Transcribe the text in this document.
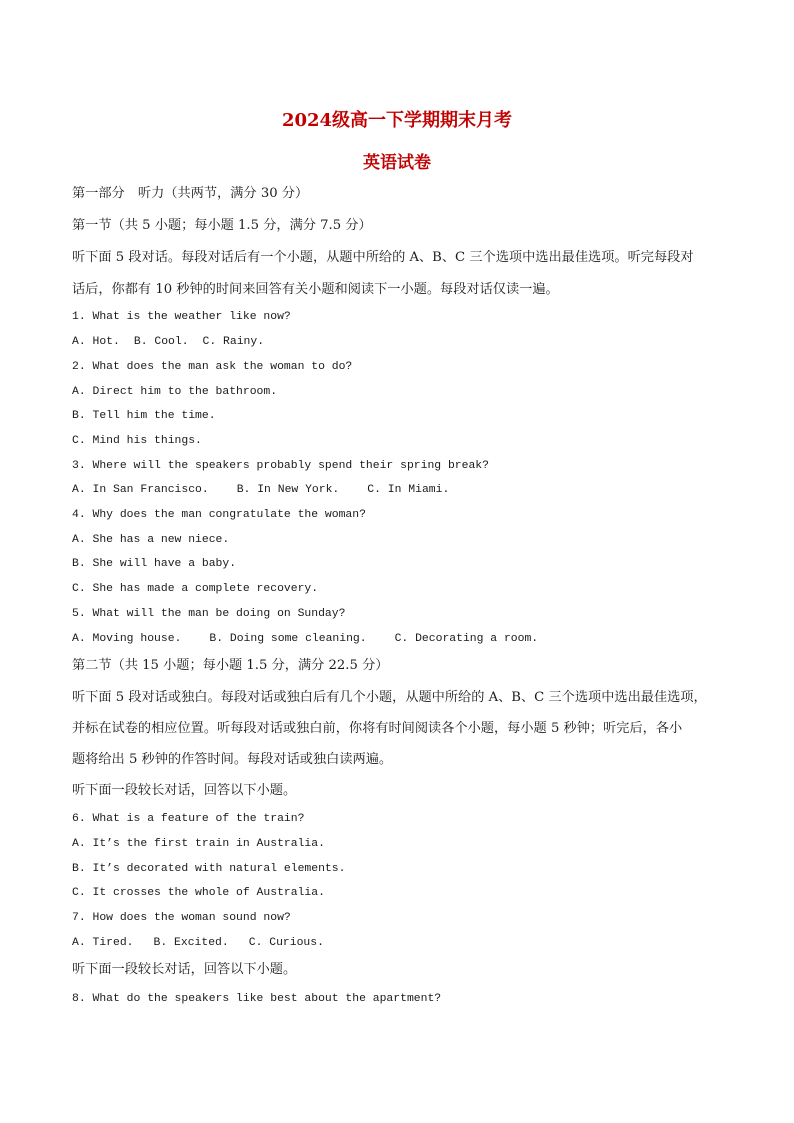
2024级高一下学期期末月考
英语试卷
第一部分　听力（共两节，满分 30 分）
第一节（共 5 小题；每小题 1.5 分，满分 7.5 分）
听下面 5 段对话。每段对话后有一个小题，从题中所给的 A、B、C 三个选项中选出最佳选项。听完每段对
话后，你都有 10 秒钟的时间来回答有关小题和阅读下一小题。每段对话仅读一遍。
1. What is the weather like now?
A. Hot. B. Cool. C. Rainy.
2. What does the man ask the woman to do?
A. Direct him to the bathroom.
B. Tell him the time.
C. Mind his things.
3. Where will the speakers probably spend their spring break?
A. In San Francisco. B. In New York. C. In Miami.
4. Why does the man congratulate the woman?
A. She has a new niece.
B. She will have a baby.
C. She has made a complete recovery.
5. What will the man be doing on Sunday?
A. Moving house. B. Doing some cleaning. C. Decorating a room.
第二节（共 15 小题；每小题 1.5 分，满分 22.5 分）
听下面 5 段对话或独白。每段对话或独白后有几个小题，从题中所给的 A、B、C 三个选项中选出最佳选项，
并标在试卷的相应位置。听每段对话或独白前，你将有时间阅读各个小题，每小题 5 秒钟；听完后，各小
题将给出 5 秒钟的作答时间。每段对话或独白读两遍。
听下面一段较长对话，回答以下小题。
6. What is a feature of the train?
A. It’s the first train in Australia.
B. It’s decorated with natural elements.
C. It crosses the whole of Australia.
7. How does the woman sound now?
A. Tired. B. Excited. C. Curious.
听下面一段较长对话，回答以下小题。
8. What do the speakers like best about the apartment?
